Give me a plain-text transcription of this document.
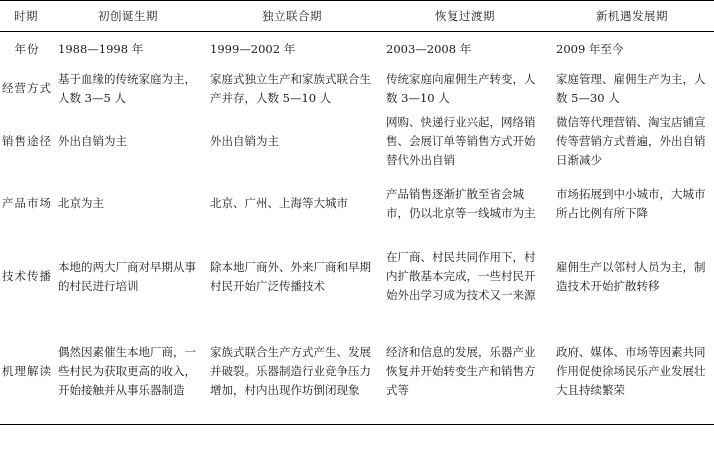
时期	初创诞生期	独立联合期	恢复过渡期	新机遇发展期
年份	1988—1998 年	1999—2002 年	2003—2008 年	2009 年至今
经营方式	基于血缘的传统家庭为主，人数 3—5 人	家庭式独立生产和家族式联合生产并存，人数 5—10 人	传统家庭向雇佣生产转变，人数 3—10 人	家庭管理、雇佣生产为主，人数 5—30 人
销售途径	外出自销为主	外出自销为主	网购、快递行业兴起，网络销售、会展订单等销售方式开始替代外出自销	微信等代理营销、淘宝店铺宣传等营销方式普遍，外出自销日渐减少
产品市场	北京为主	北京、广州、上海等大城市	产品销售逐渐扩散至省会城市，仍以北京等一线城市为主	市场拓展到中小城市，大城市所占比例有所下降
技术传播	本地的两大厂商对早期从事的村民进行培训	除本地厂商外、外来厂商和早期村民开始广泛传播技术	在厂商、村民共同作用下，村内扩散基本完成，一些村民开始外出学习成为技术又一来源	雇佣生产以邻村人员为主，制造技术开始扩散转移
机理解读	偶然因素催生本地厂商，一些村民为获取更高的收入，开始接触并从事乐器制造	家族式联合生产方式产生、发展并破裂。乐器制造行业竞争压力增加，村内出现作坊倒闭现象	经济和信息的发展，乐器产业恢复并开始转变生产和销售方式等	政府、媒体、市场等因素共同作用促使徐场民乐产业发展壮大且持续繁荣
